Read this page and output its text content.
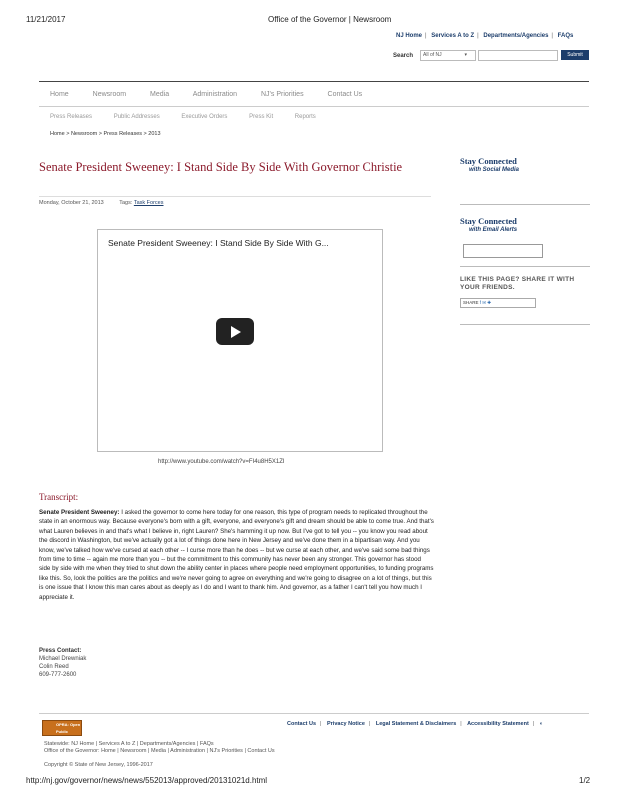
11/21/2017	Office of the Governor | Newsroom
NJ Home | Services A to Z | Departments/Agencies | FAQs
Search	All of NJ	▾	Submit
Home	Newsroom	Media	Administration	NJ's Priorities	Contact Us
Press Releases	Public Addresses	Executive Orders	Press Kit	Reports
Home > Newsroom > Press Releases > 2013
Senate President Sweeney: I Stand Side By Side With Governor Christie
Monday, October 21, 2013	Tags: Task Forces
Senate President Sweeney: I Stand Side By Side With G...
http://www.youtube.com/watch?v=FI4u8H5X1ZI
Transcript:
Senate President Sweeney: I asked the governor to come here today for one reason, this type of program needs to replicated throughout the state in an enormous way. Because everyone's born with a gift, everyone, and everyone's gift and dream should be able to come true. And that's what Lauren believes in and that's what I believe in, right Lauren? She's hamming it up now. But I've got to tell you -- you know you read about the discord in Washington, but we've actually got a lot of things done here in New Jersey and we've done them in a bipartisan way. And you know, we've talked how we've cursed at each other -- I curse more than he does -- but we curse at each other, and we've said some bad things from time to time -- again me more than you -- but the commitment to this community has never been any stronger. This governor has stood side by side with me when they tried to shut down the ability center in places where people need employment opportunities, to funding programs like this. So, look the politics are the politics and we're never going to agree on everything and we're going to disagree on a lot of things, but this is one issue that I know this man cares about as deeply as I do and I want to thank him. And governor, as a father I can't tell you how much I appreciate it.
Press Contact:
Michael Drewniak
Colin Reed
609-777-2600
Stay Connected
with Social Media
Stay Connected
with Email Alerts
LIKE THIS PAGE? SHARE IT WITH YOUR FRIENDS.
SHARE f ✉ ✚
OPRA: Open Public Records Act
Contact Us | Privacy Notice | Legal Statement & Disclaimers | Accessibility Statement | ◐
Statewide: NJ Home | Services A to Z | Departments/Agencies | FAQs
Office of the Governor: Home | Newsroom | Media | Administration | NJ's Priorities | Contact Us
Copyright © State of New Jersey, 1996-2017
http://nj.gov/governor/news/news/552013/approved/20131021d.html	1/2
